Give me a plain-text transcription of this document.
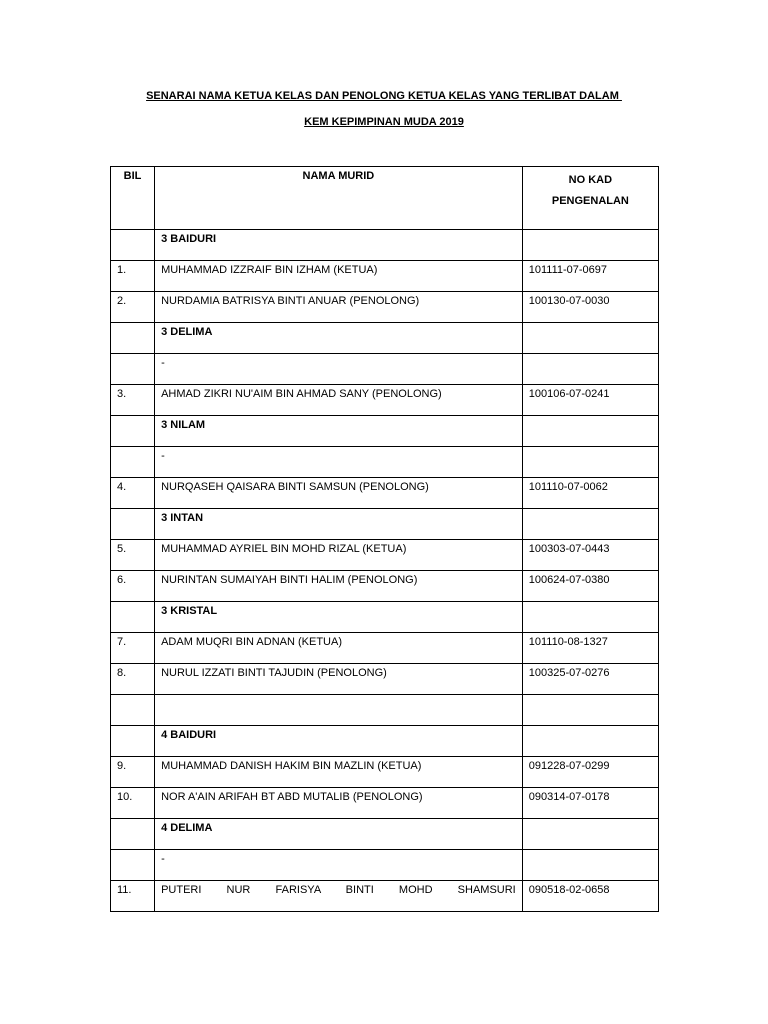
SENARAI NAMA KETUA KELAS DAN PENOLONG KETUA KELAS YANG TERLIBAT DALAM
KEM KEPIMPINAN MUDA 2019
BIL	NAMA MURID	NO KAD PENGENALAN

	3 BAIDURI	

1.	MUHAMMAD IZZRAIF BIN IZHAM (KETUA)	101111-07-0697

2.	NURDAMIA BATRISYA BINTI ANUAR (PENOLONG)	100130-07-0030

	3 DELIMA	

	-	

3.	AHMAD ZIKRI NU'AIM BIN AHMAD SANY (PENOLONG)	100106-07-0241

	3 NILAM	

	-	

4.	NURQASEH QAISARA BINTI SAMSUN (PENOLONG)	101110-07-0062

	3 INTAN	

5.	MUHAMMAD AYRIEL BIN MOHD RIZAL (KETUA)	100303-07-0443

6.	NURINTAN SUMAIYAH BINTI HALIM (PENOLONG)	100624-07-0380

	3 KRISTAL	

7.	ADAM MUQRI BIN ADNAN (KETUA)	101110-08-1327

8.	NURUL IZZATI BINTI TAJUDIN (PENOLONG)	100325-07-0276

	4 BAIDURI	

9.	MUHAMMAD DANISH HAKIM BIN MAZLIN (KETUA)	091228-07-0299

10.	NOR A'AIN ARIFAH BT ABD MUTALIB (PENOLONG)	090314-07-0178

	4 DELIMA	

	-	

11.	PUTERI NUR FARISYA BINTI MOHD SHAMSURI	090518-02-0658
